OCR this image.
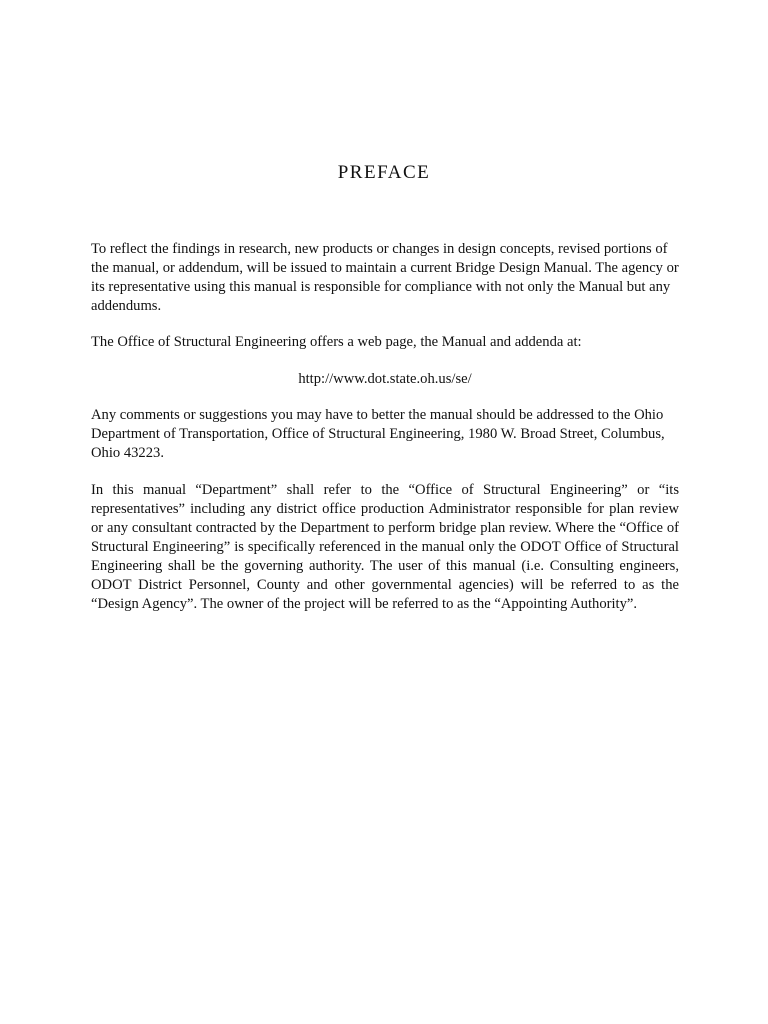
PREFACE

To reflect the findings in research, new products or changes in design concepts, revised portions of the manual, or addendum, will be issued to maintain a current Bridge Design Manual. The agency or its representative using this manual is responsible for compliance with not only the Manual but any addendums.

The Office of Structural Engineering offers a web page, the Manual and addenda at:

http://www.dot.state.oh.us/se/

Any comments or suggestions you may have to better the manual should be addressed to the Ohio Department of Transportation, Office of Structural Engineering, 1980 W. Broad Street, Columbus, Ohio 43223.

In this manual “Department” shall refer to the “Office of Structural Engineering” or “its representatives” including any district office production Administrator responsible for plan review or any consultant contracted by the Department to perform bridge plan review. Where the “Office of Structural Engineering” is specifically referenced in the manual only the ODOT Office of Structural Engineering shall be the governing authority. The user of this manual (i.e. Consulting engineers, ODOT District Personnel, County and other governmental agencies) will be referred to as the “Design Agency”. The owner of the project will be referred to as the “Appointing Authority”.
